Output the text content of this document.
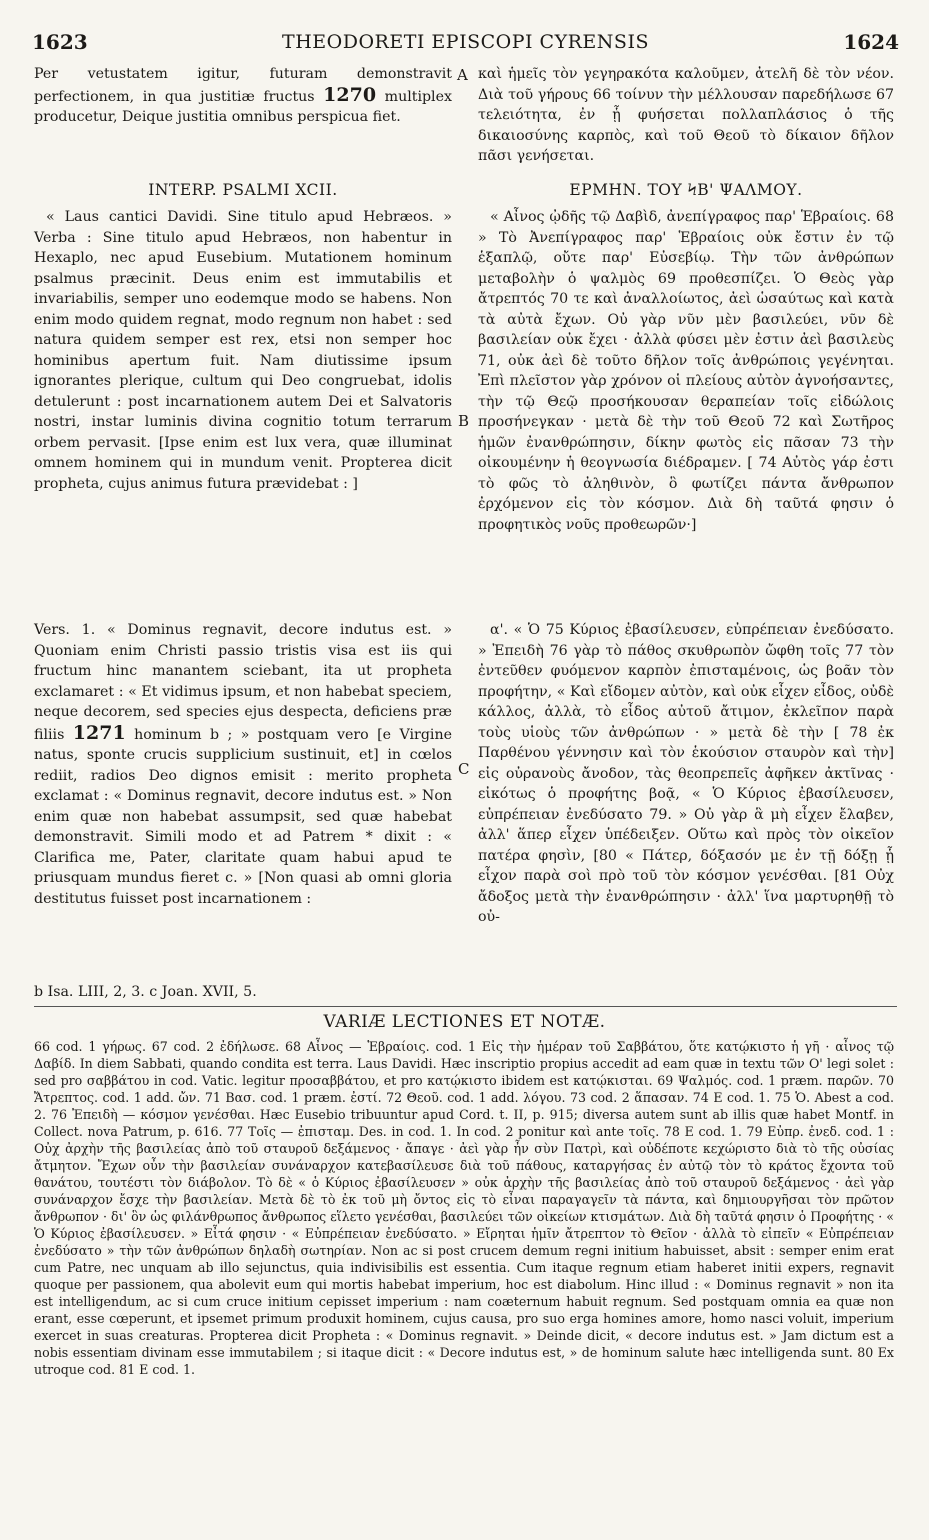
1623	THEODORETI EPISCOPI CYRENSIS	1624

Per vetustatem igitur, futuram demonstravit perfectionem, in qua justitiæ fructus 1270 multiplex producetur, Deique justitia omnibus perspicua fiet.

INTERP. PSALMI XCII.

« Laus cantici Davidi. Sine titulo apud Hebræos. » Verba : Sine titulo apud Hebræos, non habentur in Hexaplo, nec apud Eusebium. Mutationem hominum psalmus præcinit. Deus enim est immutabilis et invariabilis, semper uno eodemque modo se habens. Non enim modo quidem regnat, modo regnum non habet : sed natura quidem semper est rex, etsi non semper hoc hominibus apertum fuit. Nam diutissime ipsum ignorantes plerique, cultum qui Deo congruebat, idolis detulerunt : post incarnationem autem Dei et Salvatoris nostri, instar luminis divina cognitio totum terrarum orbem pervasit. [Ipse enim est lux vera, quæ illuminat omnem hominem qui in mundum venit. Propterea dicit propheta, cujus animus futura prævidebat : ]

Vers. 1. « Dominus regnavit, decore indutus est. » Quoniam enim Christi passio tristis visa est iis qui fructum hinc manantem sciebant, ita ut propheta exclamaret : « Et vidimus ipsum, et non habebat speciem, neque decorem, sed species ejus despecta, deficiens præ filiis 1271 hominum b ; » postquam vero [e Virgine natus, sponte crucis supplicium sustinuit, et] in cœlos rediit, radios Deo dignos emisit : merito propheta exclamat : « Dominus regnavit, decore indutus est. » Non enim quæ non habebat assumpsit, sed quæ habebat demonstravit. Simili modo et ad Patrem * dixit : « Clarifica me, Pater, claritate quam habui apud te priusquam mundus fieret c. » [Non quasi ab omni gloria destitutus fuisset post incarnationem :

b Isa. LIII, 2, 3. c Joan. XVII, 5.
A
B
C

καὶ ἡμεῖς τὸν γεγηρακότα καλοῦμεν, ἀτελῆ δὲ τὸν νέον. Διὰ τοῦ γήρους 66 τοίνυν τὴν μέλλουσαν παρεδήλωσε 67 τελειότητα, ἐν ᾗ φυήσεται πολλαπλάσιος ὁ τῆς δικαιοσύνης καρπὸς, καὶ τοῦ Θεοῦ τὸ δίκαιον δῆλον πᾶσι γενήσεται.

ΕΡΜΗΝ. ΤΟΥ ϞΒ' ΨΑΛΜΟΥ.

« Αἶνος ᾠδῆς τῷ Δαβὶδ, ἀνεπίγραφος παρ' Ἑβραίοις. 68 » Τὸ Ἀνεπίγραφος παρ' Ἑβραίοις οὐκ ἔστιν ἐν τῷ ἑξαπλῷ, οὔτε παρ' Εὐσεβίῳ. Τὴν τῶν ἀνθρώπων μεταβολὴν ὁ ψαλμὸς 69 προθεσπίζει. Ὁ Θεὸς γὰρ ἄτρεπτός 70 τε καὶ ἀναλλοίωτος, ἀεὶ ὡσαύτως καὶ κατὰ τὰ αὐτὰ ἔχων. Οὐ γὰρ νῦν μὲν βασιλεύει, νῦν δὲ βασιλείαν οὐκ ἔχει · ἀλλὰ φύσει μὲν ἐστιν ἀεὶ βασιλεὺς 71, οὐκ ἀεὶ δὲ τοῦτο δῆλον τοῖς ἀνθρώποις γεγένηται. Ἐπὶ πλεῖστον γὰρ χρόνον οἱ πλείους αὐτὸν ἀγνοήσαντες, τὴν τῷ Θεῷ προσήκουσαν θεραπείαν τοῖς εἰδώλοις προσήνεγκαν · μετὰ δὲ τὴν τοῦ Θεοῦ 72 καὶ Σωτῆρος ἡμῶν ἐνανθρώπησιν, δίκην φωτὸς εἰς πᾶσαν 73 τὴν οἰκουμένην ἡ θεογνωσία διέδραμεν. [ 74 Αὐτὸς γάρ ἐστι τὸ φῶς τὸ ἀληθινὸν, ὃ φωτίζει πάντα ἄνθρωπον ἐρχόμενον εἰς τὸν κόσμον. Διὰ δὴ ταῦτά φησιν ὁ προφητικὸς νοῦς προθεωρῶν·]

α'. « Ὁ 75 Κύριος ἐβασίλευσεν, εὐπρέπειαν ἐνεδύσατο. » Ἐπειδὴ 76 γὰρ τὸ πάθος σκυθρωπὸν ὤφθη τοῖς 77 τὸν ἐντεῦθεν φυόμενον καρπὸν ἐπισταμένοις, ὡς βοᾶν τὸν προφήτην, « Καὶ εἴδομεν αὐτὸν, καὶ οὐκ εἶχεν εἶδος, οὐδὲ κάλλος, ἀλλὰ, τὸ εἶδος αὐτοῦ ἄτιμον, ἐκλεῖπον παρὰ τοὺς υἱοὺς τῶν ἀνθρώπων · » μετὰ δὲ τὴν [ 78 ἐκ Παρθένου γέννησιν καὶ τὸν ἑκούσιον σταυρὸν καὶ τὴν] εἰς οὐρανοὺς ἄνοδον, τὰς θεοπρεπεῖς ἀφῆκεν ἀκτῖνας · εἰκότως ὁ προφήτης βοᾷ, « Ὁ Κύριος ἐβασίλευσεν, εὐπρέπειαν ἐνεδύσατο 79. » Οὐ γὰρ ἃ μὴ εἶχεν ἔλαβεν, ἀλλ' ἅπερ εἶχεν ὑπέδειξεν. Οὕτω καὶ πρὸς τὸν οἰκεῖον πατέρα φησὶν, [80 « Πάτερ, δόξασόν με ἐν τῇ δόξῃ ᾗ εἶχον παρὰ σοὶ πρὸ τοῦ τὸν κόσμον γενέσθαι. [81 Οὐχ ἄδοξος μετὰ τὴν ἐνανθρώπησιν · ἀλλ' ἵνα μαρτυρηθῇ τὸ οὐ-

VARIÆ LECTIONES ET NOTÆ.

66 cod. 1 γήρως. 67 cod. 2 ἐδήλωσε. 68 Αἶνος — Ἑβραίοις. cod. 1 Εἰς τὴν ἡμέραν τοῦ Σαββάτου, ὅτε κατῴκιστο ἡ γῆ · αἶνος τῷ Δαβίδ. In diem Sabbati, quando condita est terra. Laus Davidi. Hæc inscriptio propius accedit ad eam quæ in textu τῶν O' legi solet : sed pro σαββάτου in cod. Vatic. legitur προσαββάτου, et pro κατῴκιστο ibidem est κατῴκισται. 69 Ψαλμός. cod. 1 præm. παρῶν. 70 Ἄτρεπτος. cod. 1 add. ὤν. 71 Βασ. cod. 1 præm. ἐστί. 72 Θεοῦ. cod. 1 add. λόγου. 73 cod. 2 ἅπασαν. 74 E cod. 1. 75 Ὁ. Abest a cod. 2. 76 Ἐπειδὴ — κόσμον γενέσθαι. Hæc Eusebio tribuuntur apud Cord. t. II, p. 915; diversa autem sunt ab illis quæ habet Montf. in Collect. nova Patrum, p. 616. 77 Τοῖς — ἐπισταμ. Des. in cod. 1. In cod. 2 ponitur καὶ ante τοῖς. 78 E cod. 1. 79 Εὐπρ. ἐνεδ. cod. 1 : Οὐχ ἀρχὴν τῆς βασιλείας ἀπὸ τοῦ σταυροῦ δεξάμενος · ἄπαγε · ἀεὶ γὰρ ἦν σὺν Πατρὶ, καὶ οὐδέποτε κεχώριστο διὰ τὸ τῆς οὐσίας ἄτμητον. Ἔχων οὖν τὴν βασιλείαν συνάναρχον κατεβασίλευσε διὰ τοῦ πάθους, καταργήσας ἐν αὐτῷ τὸν τὸ κράτος ἔχοντα τοῦ θανάτου, τουτέστι τὸν διάβολον. Τὸ δὲ « ὁ Κύριος ἐβασίλευσεν » οὐκ ἀρχὴν τῆς βασιλείας ἀπὸ τοῦ σταυροῦ δεξάμενος · ἀεὶ γὰρ συνάναρχον ἔσχε τὴν βασιλείαν. Μετὰ δὲ τὸ ἐκ τοῦ μὴ ὄντος εἰς τὸ εἶναι παραγαγεῖν τὰ πάντα, καὶ δημιουργῆσαι τὸν πρῶτον ἄνθρωπον · δι' ὃν ὡς φιλάνθρωπος ἄνθρωπος εἵλετο γενέσθαι, βασιλεύει τῶν οἰκείων κτισμάτων. Διὰ δὴ ταῦτά φησιν ὁ Προφήτης · « Ὁ Κύριος ἐβασίλευσεν. » Εἶτά φησιν · « Εὐπρέπειαν ἐνεδύσατο. » Εἴρηται ἡμῖν ἄτρεπτον τὸ Θεῖον · ἀλλὰ τὸ εἰπεῖν « Εὐπρέπειαν ἐνεδύσατο » τὴν τῶν ἀνθρώπων δηλαδὴ σωτηρίαν. Non ac si post crucem demum regni initium habuisset, absit : semper enim erat cum Patre, nec unquam ab illo sejunctus, quia indivisibilis est essentia. Cum itaque regnum etiam haberet initii expers, regnavit quoque per passionem, qua abolevit eum qui mortis habebat imperium, hoc est diabolum. Hinc illud : « Dominus regnavit » non ita est intelligendum, ac si cum cruce initium cepisset imperium : nam coæternum habuit regnum. Sed postquam omnia ea quæ non erant, esse cœperunt, et ipsemet primum produxit hominem, cujus causa, pro suo erga homines amore, homo nasci voluit, imperium exercet in suas creaturas. Propterea dicit Propheta : « Dominus regnavit. » Deinde dicit, « decore indutus est. » Jam dictum est a nobis essentiam divinam esse immutabilem ; si itaque dicit : « Decore indutus est, » de hominum salute hæc intelligenda sunt. 80 Ex utroque cod. 81 E cod. 1.
